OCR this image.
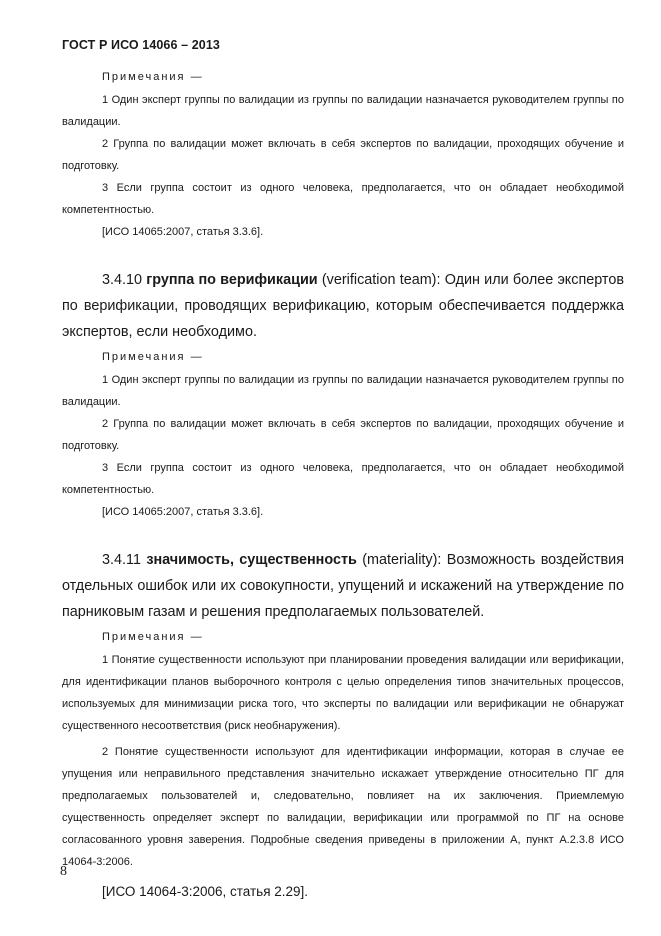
ГОСТ Р ИСО 14066 – 2013
Примечания —

1 Один эксперт группы по валидации из группы по валидации назначается руководителем группы по валидации.

2 Группа по валидации может включать в себя экспертов по валидации, проходящих обучение и подготовку.

3 Если группа состоит из одного человека, предполагается, что он обладает необходимой компетентностью.

[ИСО 14065:2007, статья 3.3.6].

3.4.10 группа по верификации (verification team): Один или более экспертов по верификации, проводящих верификацию, которым обеспечивается поддержка экспертов, если необходимо.

Примечания —

1 Один эксперт группы по валидации из группы по валидации назначается руководителем группы по валидации.

2 Группа по валидации может включать в себя экспертов по валидации, проходящих обучение и подготовку.

3 Если группа состоит из одного человека, предполагается, что он обладает необходимой компетентностью.

[ИСО 14065:2007, статья 3.3.6].

3.4.11 значимость, существенность (materiality): Возможность воздействия отдельных ошибок или их совокупности, упущений и искажений на утверждение по парниковым газам и решения предполагаемых пользователей.

Примечания —

1 Понятие существенности используют при планировании проведения валидации или верификации, для идентификации планов выборочного контроля с целью определения типов значительных процессов, используемых для минимизации риска того, что эксперты по валидации или верификации не обнаружат существенного несоответствия (риск необнаружения).

2 Понятие существенности используют для идентификации информации, которая в случае ее упущения или неправильного представления значительно искажает утверждение относительно ПГ для предполагаемых пользователей и, следовательно, повлияет на их заключения. Приемлемую существенность определяет эксперт по валидации, верификации или программой по ПГ на основе согласованного уровня заверения. Подробные сведения приведены в приложении А, пункт А.2.3.8 ИСО 14064-3:2006.

[ИСО 14064-3:2006, статья 2.29].

8
